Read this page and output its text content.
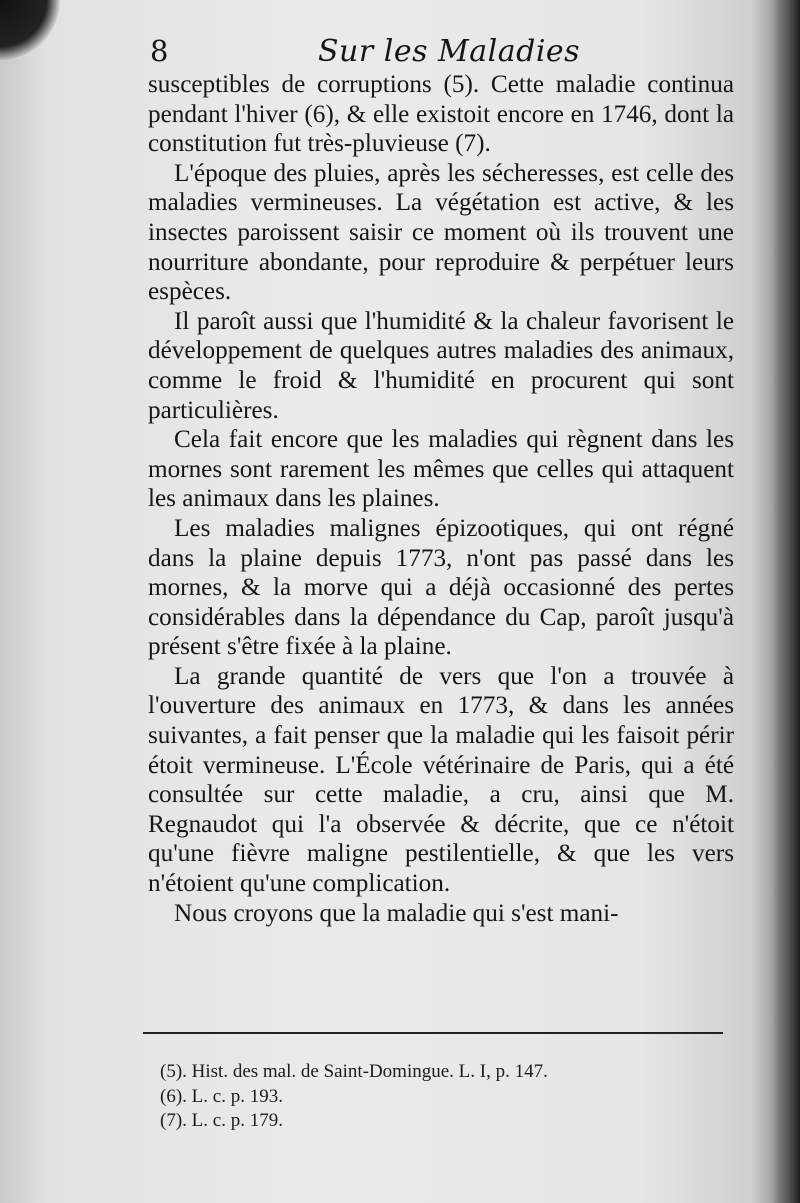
8	Sur les Maladies

susceptibles de corruptions (5). Cette maladie continua pendant l'hiver (6), & elle existoit encore en 1746, dont la constitution fut très-pluvieuse (7).

L'époque des pluies, après les sécheresses, est celle des maladies vermineuses. La végétation est active, & les insectes paroissent saisir ce moment où ils trouvent une nourriture abondante, pour reproduire & perpétuer leurs espèces.

Il paroît aussi que l'humidité & la chaleur favorisent le développement de quelques autres maladies des animaux, comme le froid & l'humidité en procurent qui sont particulières.

Cela fait encore que les maladies qui règnent dans les mornes sont rarement les mêmes que celles qui attaquent les animaux dans les plaines.

Les maladies malignes épizootiques, qui ont régné dans la plaine depuis 1773, n'ont pas passé dans les mornes, & la morve qui a déjà occasionné des pertes considérables dans la dépendance du Cap, paroît jusqu'à présent s'être fixée à la plaine.

La grande quantité de vers que l'on a trouvée à l'ouverture des animaux en 1773, & dans les années suivantes, a fait penser que la maladie qui les faisoit périr étoit vermineuse. L'École vétérinaire de Paris, qui a été consultée sur cette maladie, a cru, ainsi que M. Regnaudot qui l'a observée & décrite, que ce n'étoit qu'une fièvre maligne pestilentielle, & que les vers n'étoient qu'une complication.

Nous croyons que la maladie qui s'est mani-

(5). Hist. des mal. de Saint-Domingue. L. I, p. 147.
(6). L. c. p. 193.
(7). L. c. p. 179.
